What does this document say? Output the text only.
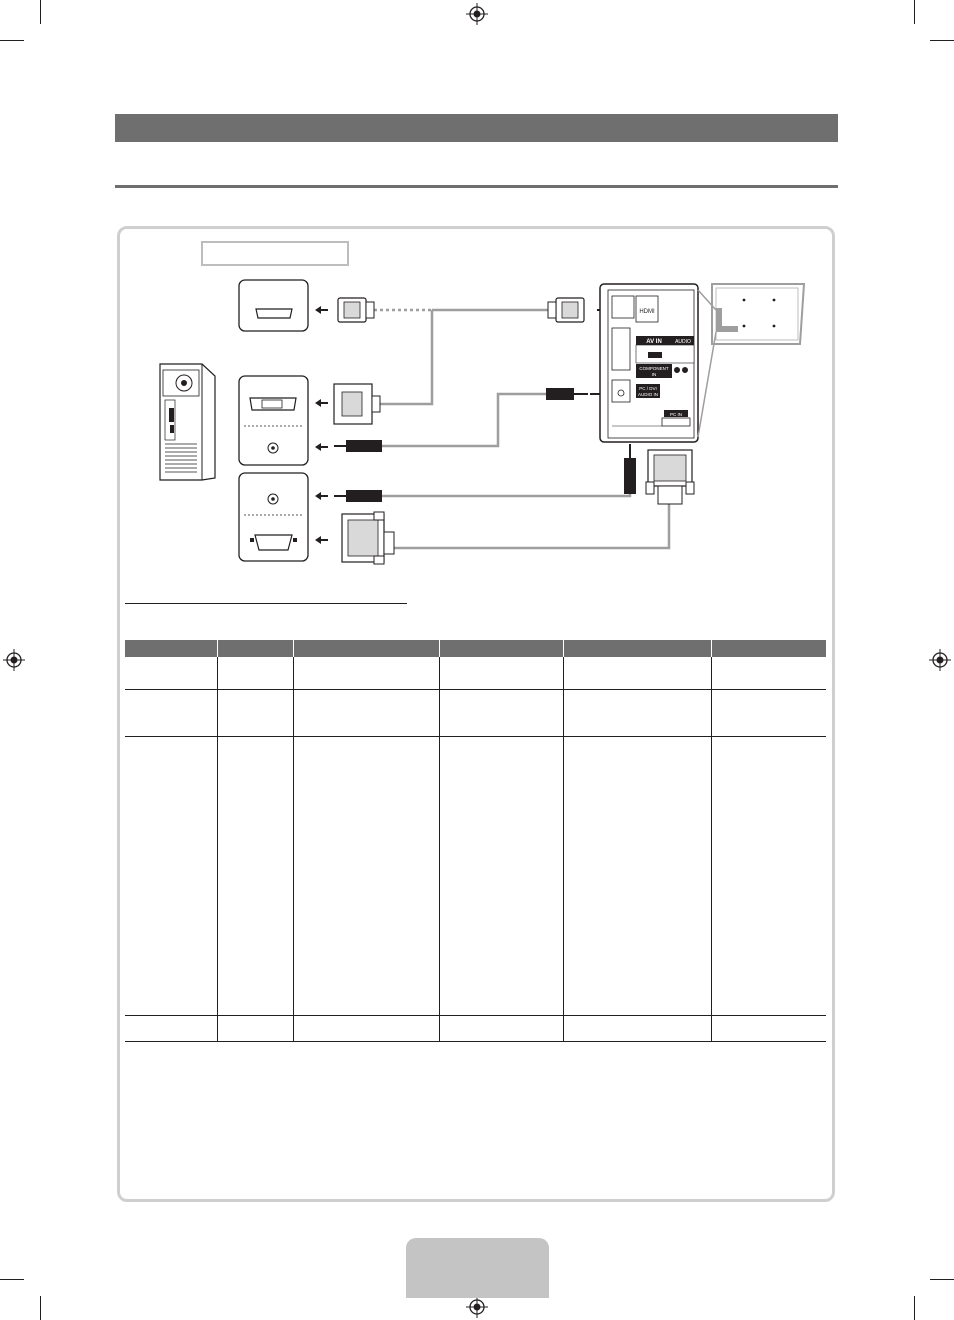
HDMI
AV IN	AUDIO
COMPONENT
IN
PC / DVI
AUDIO IN
PC IN
